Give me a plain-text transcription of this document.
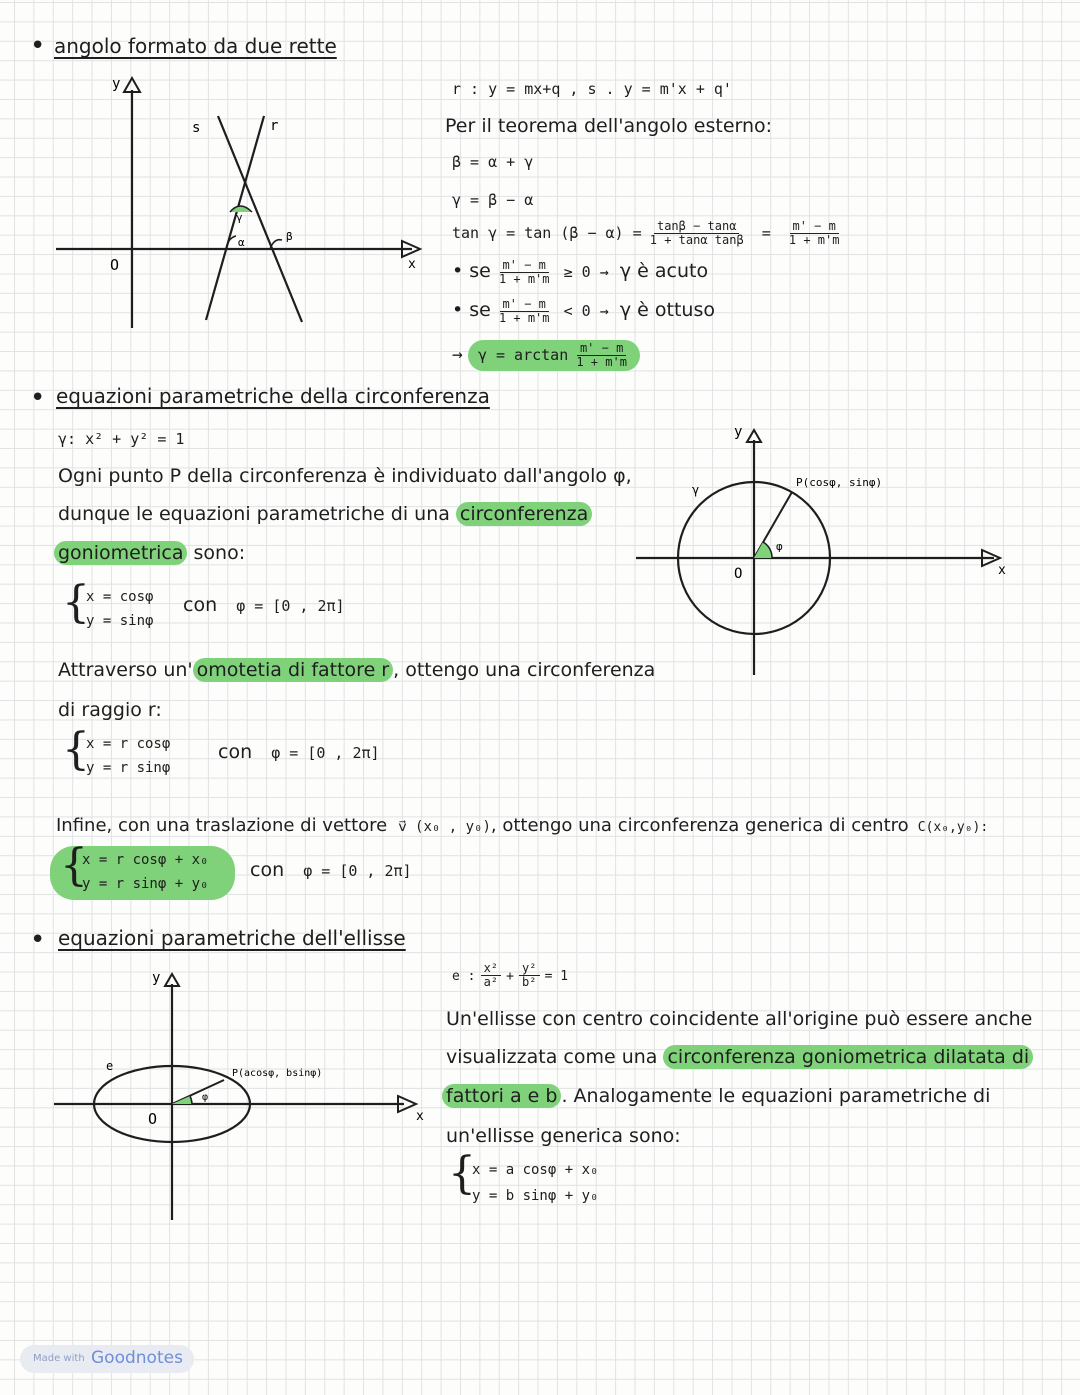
• angolo formato da due rette
y
x
O
s	r
γ
α	β
r : y = mx+q , s . y = m'x + q'
Per il teorema dell'angolo esterno:
β = α + γ
γ = β − α
$\tan \gamma = \tan (\beta - \alpha) = \frac{\tan\beta - \tan\alpha}{\text{1 + tanα tanβ}} = \frac{m' - m}{1 + m'm}$
• se $\frac{m' - m}{1 + m'm} \ge 0 \to \gamma$ è acuto
• se $\frac{m' - m}{1 + m'm} < 0 \to \gamma$ è ottuso
→ $\gamma = \arctan \frac{m' - m}{1 + m'm}$
• equazioni parametriche della circonferenza
γ: x² + y² = 1
Ogni punto P della circonferenza è individuato dall'angolo φ,
dunque le equazioni parametriche di una circonferenza
goniometrica sono:
{
x = cosφ
y = sinφ
con φ = [0 , 2π]
Attraverso un' omotetia di fattore r , ottengo una circonferenza
di raggio r:
{
x = r cosφ
y = r sinφ
con φ = [0 , 2π]
Infine, con una traslazione di vettore v⃗ (x₀ , y₀), ottengo una circonferenza generica di centro C(x₀,y₀):
{
x = r cosφ + x₀
y = r sinφ + y₀
con φ = [0 , 2π]
y
x
O
γ
P(cosφ, sinφ)
φ
• equazioni parametriche dell'ellisse
e : $\frac{\text{x²}}{\text{a²}} + \frac{\text{y²}}{\text{b²}} = 1$
Un'ellisse con centro coincidente all'origine può essere anche
visualizzata come una circonferenza goniometrica dilatata di
fattori a e b . Analogamente le equazioni parametriche di
un'ellisse generica sono:
{
x = a cosφ + x₀
y = b sinφ + y₀
y
x
O
e
P(acosφ, bsinφ)
φ
Made with Goodnotes
